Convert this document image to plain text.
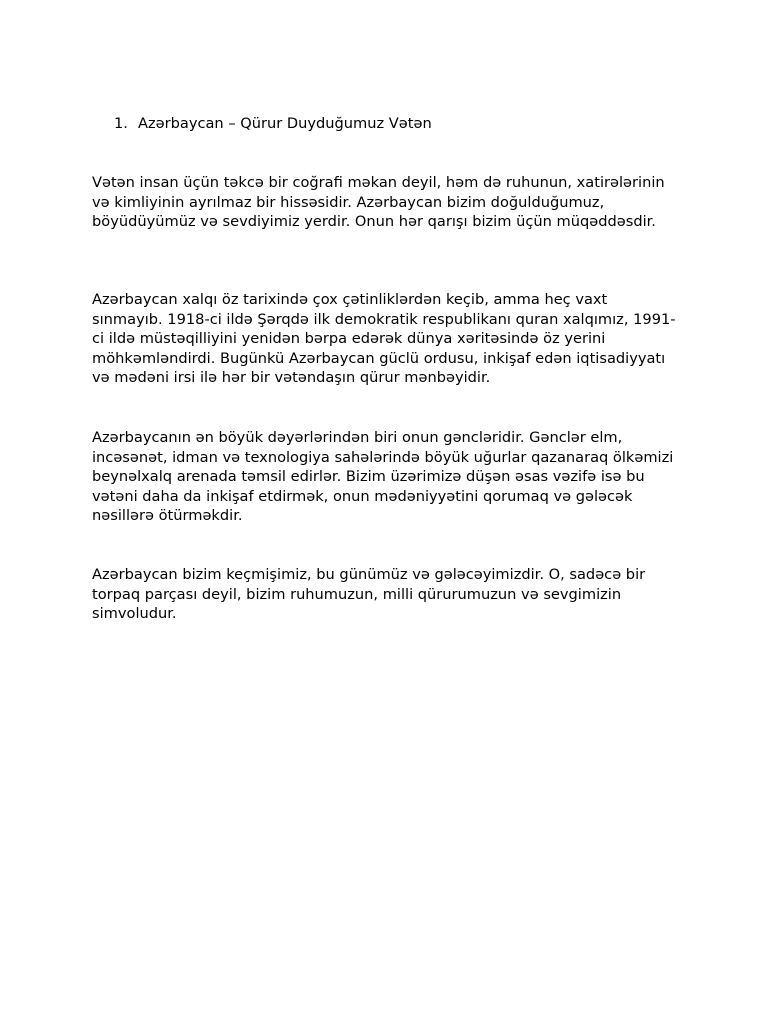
1. Azərbaycan – Qürur Duyduğumuz Vətən

Vətən insan üçün təkcə bir coğrafi məkan deyil, həm də ruhunun, xatirələrinin və kimliyinin ayrılmaz bir hissəsidir. Azərbaycan bizim doğulduğumuz, böyüdüyümüz və sevdiyimiz yerdir. Onun hər qarışı bizim üçün müqəddəsdir.

Azərbaycan xalqı öz tarixində çox çətinliklərdən keçib, amma heç vaxt sınmayıb. 1918-ci ildə Şərqdə ilk demokratik respublikanı quran xalqımız, 1991-ci ildə müstəqilliyini yenidən bərpa edərək dünya xəritəsində öz yerini möhkəmləndirdi. Bugünkü Azərbaycan güclü ordusu, inkişaf edən iqtisadiyyatı və mədəni irsi ilə hər bir vətəndaşın qürur mənbəyidir.

Azərbaycanın ən böyük dəyərlərindən biri onun gəncləridir. Gənclər elm, incəsənət, idman və texnologiya sahələrində böyük uğurlar qazanaraq ölkəmizi beynəlxalq arenada təmsil edirlər. Bizim üzərimizə düşən əsas vəzifə isə bu vətəni daha da inkişaf etdirmək, onun mədəniyyətini qorumaq və gələcək nəsillərə ötürməkdir.

Azərbaycan bizim keçmişimiz, bu günümüz və gələcəyimizdir. O, sadəcə bir torpaq parçası deyil, bizim ruhumuzun, milli qürurumuzun və sevgimizin simvoludur.
